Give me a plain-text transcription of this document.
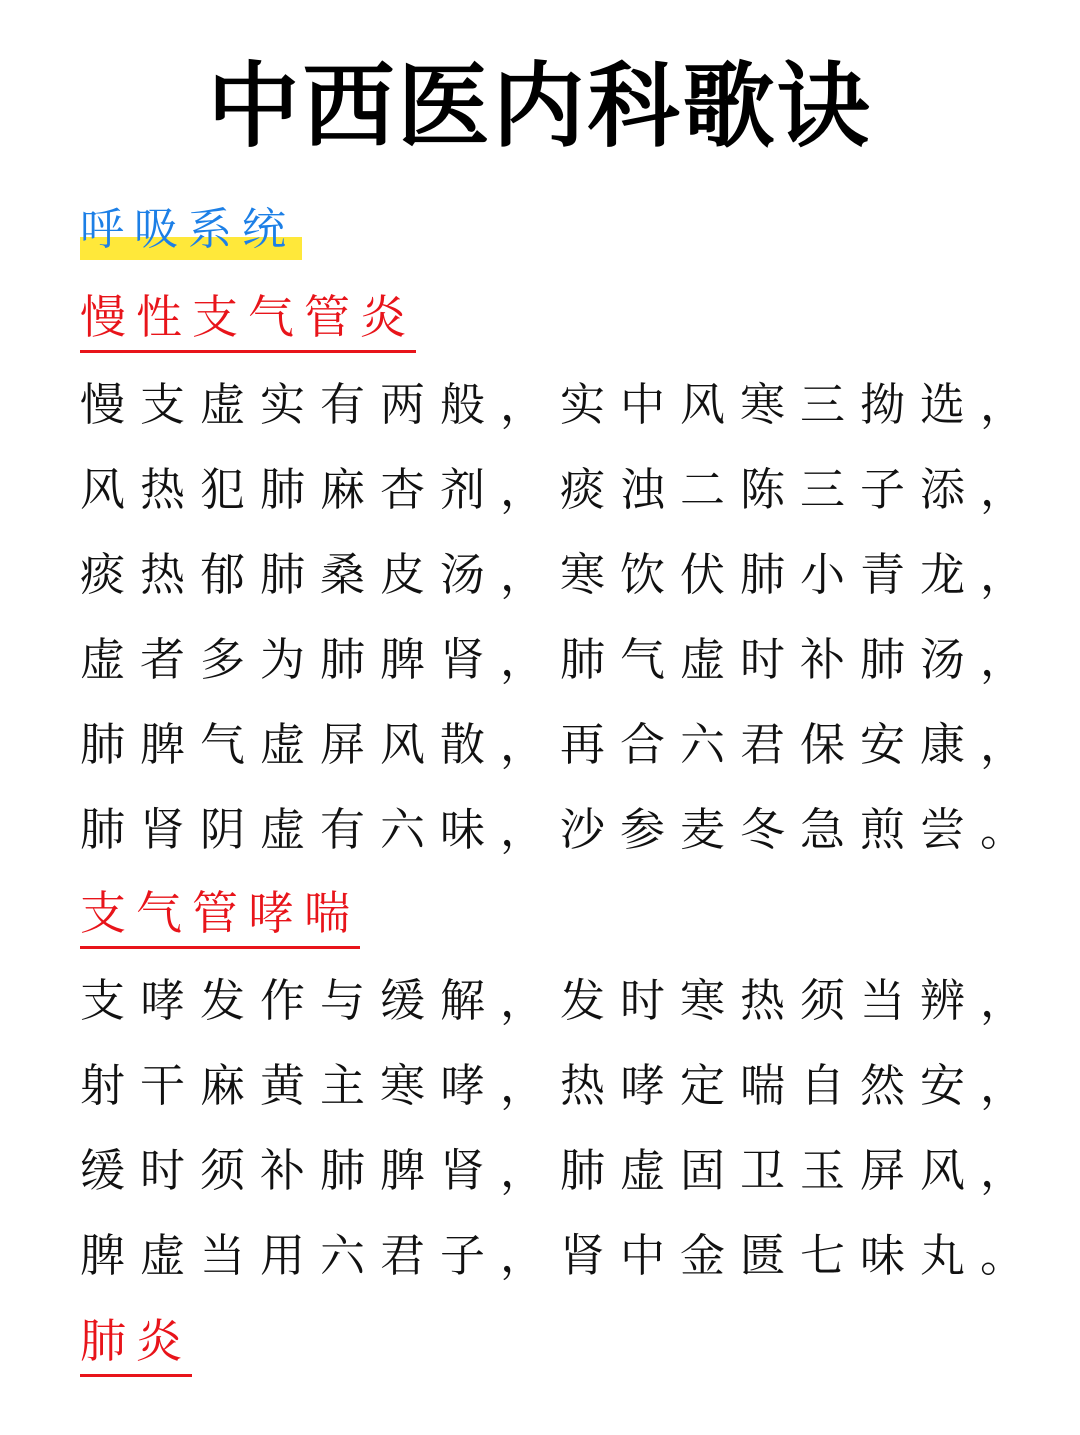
中西医内科歌诀
呼吸系统
慢性支气管炎
慢支虚实有两般，实中风寒三拗选，
风热犯肺麻杏剂，痰浊二陈三子添，
痰热郁肺桑皮汤，寒饮伏肺小青龙，
虚者多为肺脾肾，肺气虚时补肺汤，
肺脾气虚屏风散，再合六君保安康，
肺肾阴虚有六味，沙参麦冬急煎尝。
支气管哮喘
支哮发作与缓解，发时寒热须当辨，
射干麻黄主寒哮，热哮定喘自然安，
缓时须补肺脾肾，肺虚固卫玉屏风，
脾虚当用六君子，肾中金匮七味丸。
肺炎
